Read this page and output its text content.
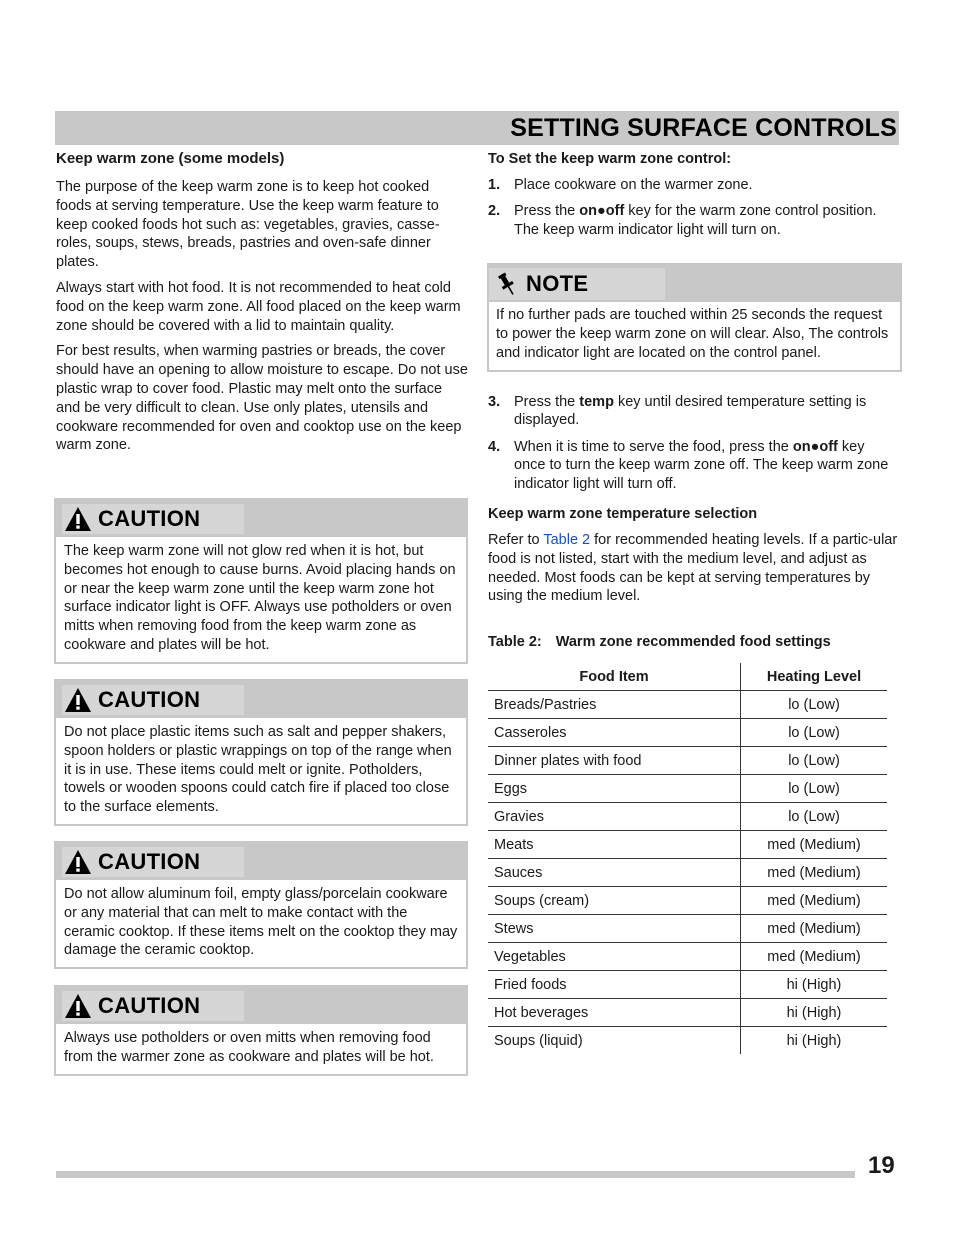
SETTING SURFACE CONTROLS
Keep warm zone (some models)

The purpose of the keep warm zone is to keep hot cooked foods at serving temperature. Use the keep warm feature to keep cooked foods hot such as: vegetables, gravies, casse-roles, soups, stews, breads, pastries and oven-safe dinner plates.

Always start with hot food. It is not recommended to heat cold food on the keep warm zone. All food placed on the keep warm zone should be covered with a lid to maintain quality.

For best results, when warming pastries or breads, the cover should have an opening to allow moisture to escape. Do not use plastic wrap to cover food. Plastic may melt onto the surface and be very difficult to clean. Use only plates, utensils and cookware recommended for oven and cooktop use on the keep warm zone.

CAUTION
The keep warm zone will not glow red when it is hot, but becomes hot enough to cause burns. Avoid placing hands on or near the keep warm zone until the keep warm zone hot surface indicator light is OFF. Always use potholders or oven mitts when removing food from the keep warm zone as cookware and plates will be hot.
CAUTION
Do not place plastic items such as salt and pepper shakers, spoon holders or plastic wrappings on top of the range when it is in use. These items could melt or ignite. Potholders, towels or wooden spoons could catch fire if placed too close to the surface elements.
CAUTION
Do not allow aluminum foil, empty glass/porcelain cookware or any material that can melt to make contact with the ceramic cooktop. If these items melt on the cooktop they may damage the ceramic cooktop.
CAUTION
Always use potholders or oven mitts when removing food from the warmer zone as cookware and plates will be hot.
To Set the keep warm zone control:
1. Place cookware on the warmer zone.
2. Press the on●off key for the warm zone control position. The keep warm indicator light will turn on.
NOTE
If no further pads are touched within 25 seconds the request to power the keep warm zone on will clear. Also, The controls and indicator light are located on the control panel.
3. Press the temp key until desired temperature setting is displayed.
4. When it is time to serve the food, press the on●off key once to turn the keep warm zone off. The keep warm zone indicator light will turn off.
Keep warm zone temperature selection

Refer to Table 2 for recommended heating levels. If a partic-ular food is not listed, start with the medium level, and adjust as needed. Most foods can be kept at serving temperatures by using the medium level.

Table 2: Warm zone recommended food settings
Food Item	Heating Level
Breads/Pastries	lo (Low)
Casseroles	lo (Low)
Dinner plates with food	lo (Low)
Eggs	lo (Low)
Gravies	lo (Low)
Meats	med (Medium)
Sauces	med (Medium)
Soups (cream)	med (Medium)
Stews	med (Medium)
Vegetables	med (Medium)
Fried foods	hi (High)
Hot beverages	hi (High)
Soups (liquid)	hi (High)
19
